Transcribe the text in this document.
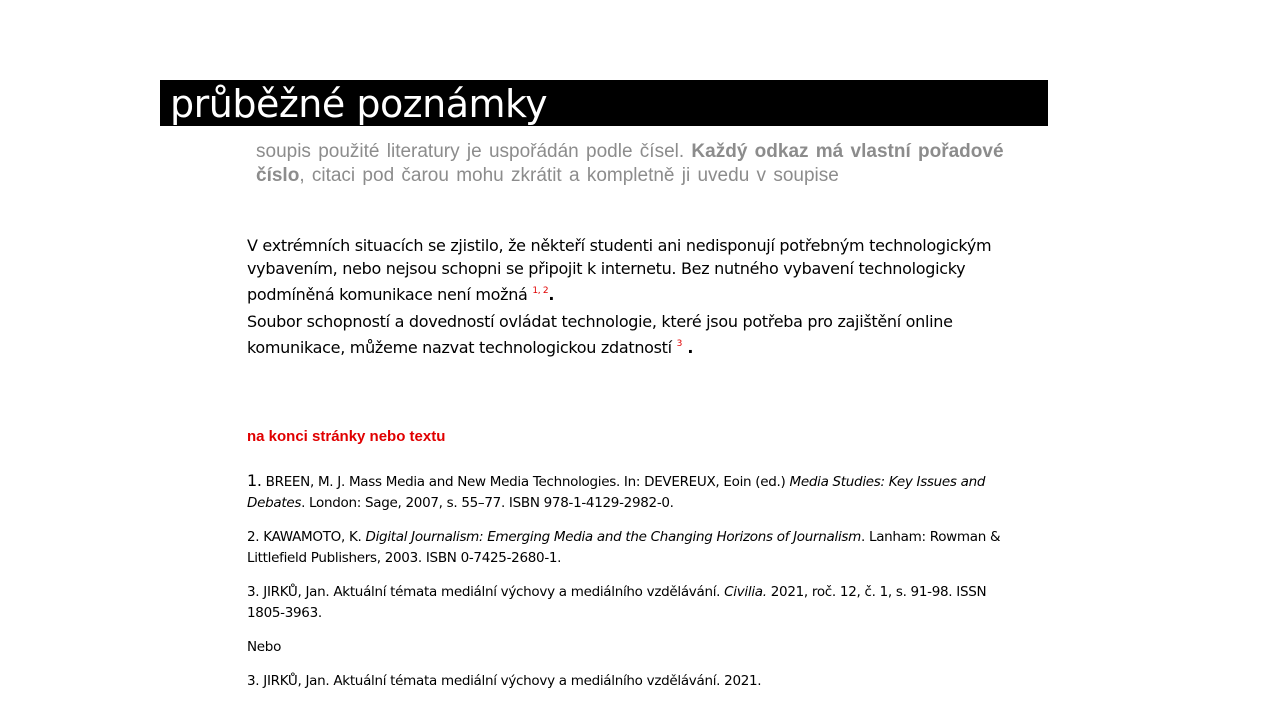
průběžné poznámky
soupis použité literatury je uspořádán podle čísel. Každý odkaz má vlastní pořadové číslo, citaci pod čarou mohu zkrátit a kompletně ji uvedu v soupise

V extrémních situacích se zjistilo, že někteří studenti ani nedisponují potřebným technologickým vybavením, nebo nejsou schopni se připojit k internetu. Bez nutného vybavení technologicky podmíněná komunikace není možná $^{1, 2}$.

Soubor schopností a dovedností ovládat technologie, které jsou potřeba pro zajištění online komunikace, můžeme nazvat technologickou zdatností $^3$ .

na konci stránky nebo textu

1. BREEN, M. J. Mass Media and New Media Technologies. In: DEVEREUX, Eoin (ed.) Media Studies: Key Issues and Debates. London: Sage, 2007, s. 55–77. ISBN 978-1-4129-2982-0.

2. KAWAMOTO, K. Digital Journalism: Emerging Media and the Changing Horizons of Journalism. Lanham: Rowman & Littlefield Publishers, 2003. ISBN 0-7425-2680-1.

3. JIRKŮ, Jan. Aktuální témata mediální výchovy a mediálního vzdělávání. Civilia. 2021, roč. 12, č. 1, s. 91-98. ISSN 1805-3963.

Nebo

3. JIRKŮ, Jan. Aktuální témata mediální výchovy a mediálního vzdělávání. 2021.
